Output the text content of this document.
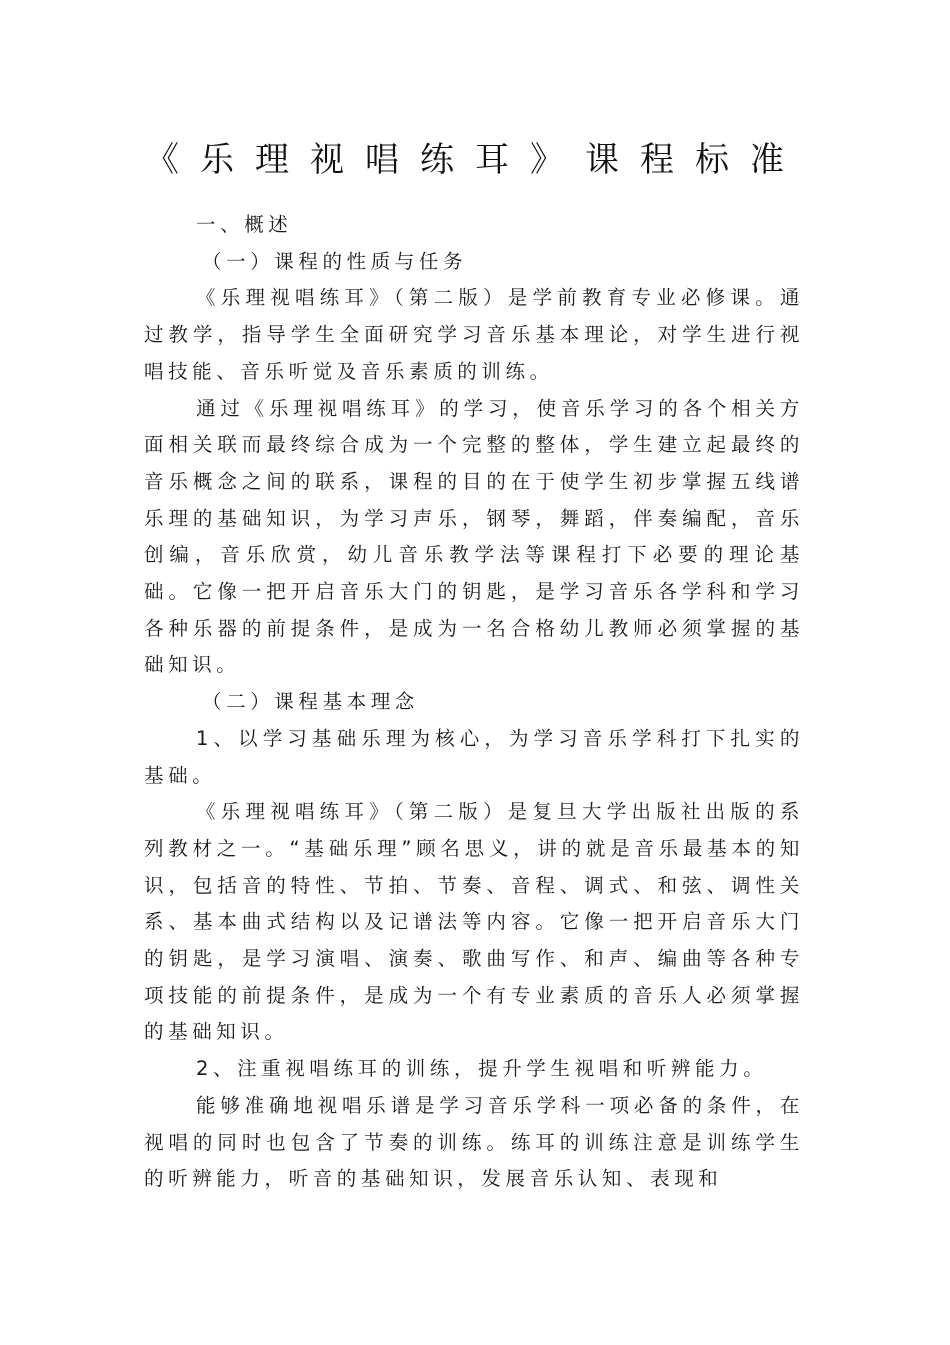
《乐理视唱练耳》课程标准

一、概述

（一）课程的性质与任务

《乐理视唱练耳》（第二版）是学前教育专业必修课。通过教学，指导学生全面研究学习音乐基本理论，对学生进行视唱技能、音乐听觉及音乐素质的训练。

通过《乐理视唱练耳》的学习，使音乐学习的各个相关方面相关联而最终综合成为一个完整的整体，学生建立起最终的音乐概念之间的联系，课程的目的在于使学生初步掌握五线谱乐理的基础知识，为学习声乐，钢琴，舞蹈，伴奏编配，音乐创编，音乐欣赏，幼儿音乐教学法等课程打下必要的理论基础。它像一把开启音乐大门的钥匙，是学习音乐各学科和学习各种乐器的前提条件，是成为一名合格幼儿教师必须掌握的基础知识。

（二）课程基本理念

1、以学习基础乐理为核心，为学习音乐学科打下扎实的基础。

《乐理视唱练耳》（第二版）是复旦大学出版社出版的系列教材之一。“基础乐理”顾名思义，讲的就是音乐最基本的知识，包括音的特性、节拍、节奏、音程、调式、和弦、调性关系、基本曲式结构以及记谱法等内容。它像一把开启音乐大门的钥匙，是学习演唱、演奏、歌曲写作、和声、编曲等各种专项技能的前提条件，是成为一个有专业素质的音乐人必须掌握的基础知识。

2、注重视唱练耳的训练，提升学生视唱和听辨能力。

能够准确地视唱乐谱是学习音乐学科一项必备的条件，在视唱的同时也包含了节奏的训练。练耳的训练注意是训练学生的听辨能力，听音的基础知识，发展音乐认知、表现和
